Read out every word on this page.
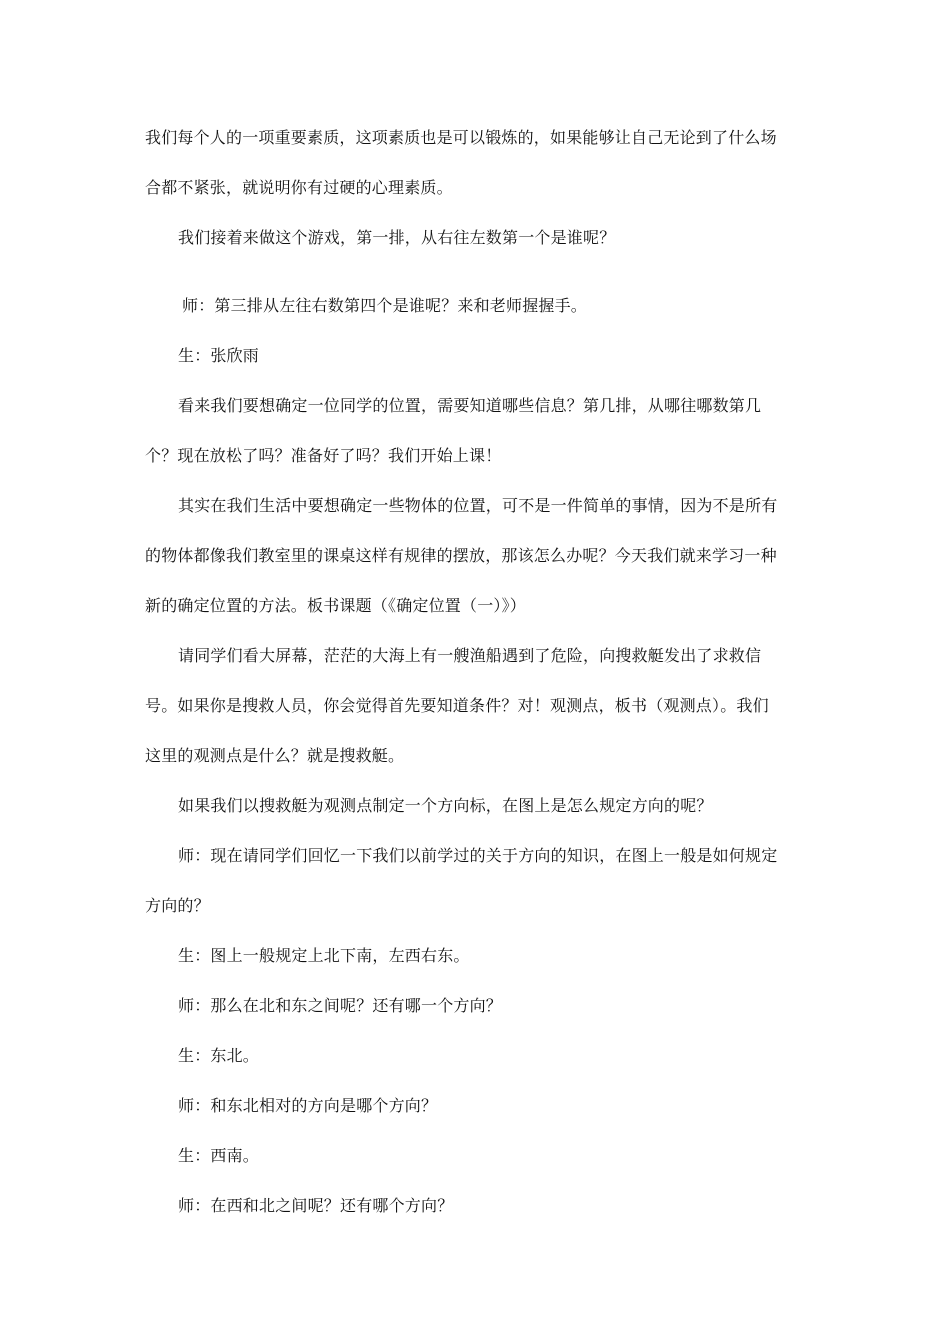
我们每个人的一项重要素质，这项素质也是可以锻炼的，如果能够让自己无论到了什么场
合都不紧张，就说明你有过硬的心理素质。
我们接着来做这个游戏，第一排，从右往左数第一个是谁呢？
师：第三排从左往右数第四个是谁呢？来和老师握握手。
生：张欣雨
看来我们要想确定一位同学的位置，需要知道哪些信息？第几排，从哪往哪数第几
个？现在放松了吗？准备好了吗？我们开始上课！
其实在我们生活中要想确定一些物体的位置，可不是一件简单的事情，因为不是所有
的物体都像我们教室里的课桌这样有规律的摆放，那该怎么办呢？今天我们就来学习一种
新的确定位置的方法。板书课题（《确定位置（一）》）
请同学们看大屏幕，茫茫的大海上有一艘渔船遇到了危险，向搜救艇发出了求救信
号。如果你是搜救人员，你会觉得首先要知道条件？对！观测点，板书（观测点）。我们
这里的观测点是什么？就是搜救艇。
如果我们以搜救艇为观测点制定一个方向标，在图上是怎么规定方向的呢？
师：现在请同学们回忆一下我们以前学过的关于方向的知识，在图上一般是如何规定
方向的？
生：图上一般规定上北下南，左西右东。
师：那么在北和东之间呢？还有哪一个方向？
生：东北。
师：和东北相对的方向是哪个方向？
生：西南。
师：在西和北之间呢？还有哪个方向？
